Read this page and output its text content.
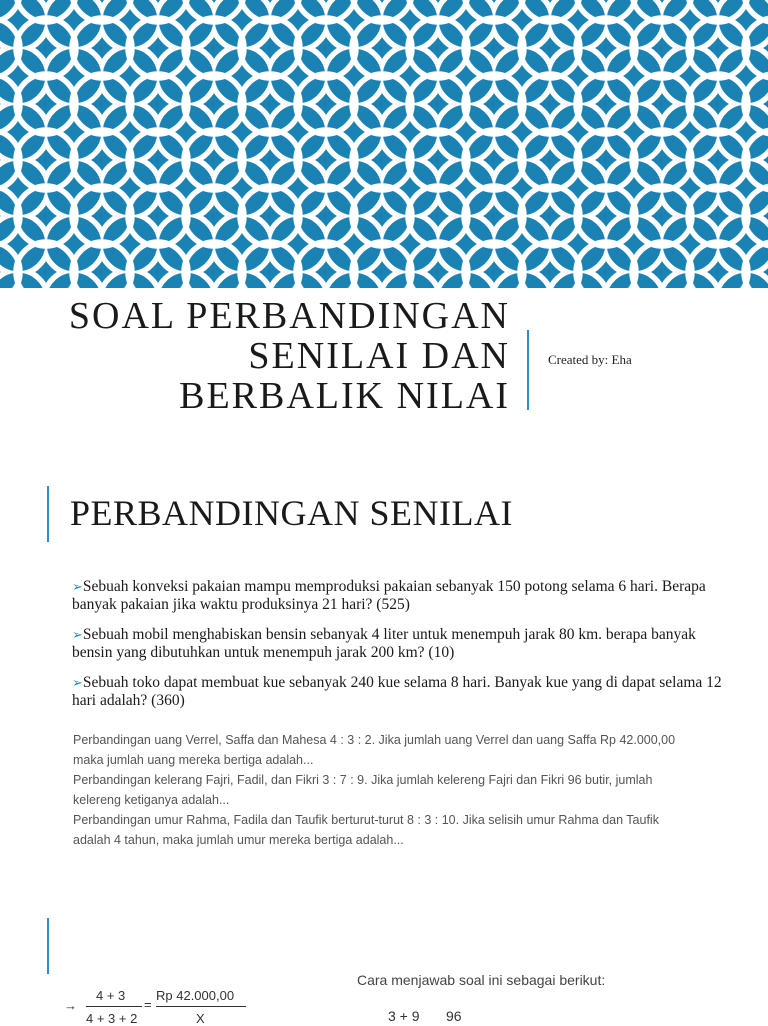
SOAL PERBANDINGAN
SENILAI DAN
BERBALIK NILAI
Created by: Eha
PERBANDINGAN SENILAI
➢Sebuah konveksi pakaian mampu memproduksi pakaian sebanyak 150 potong selama 6 hari. Berapa banyak pakaian jika waktu produksinya 21 hari? (525)
➢Sebuah mobil menghabiskan bensin sebanyak 4 liter untuk menempuh jarak 80 km. berapa banyak bensin yang dibutuhkan untuk menempuh jarak 200 km? (10)
➢Sebuah toko dapat membuat kue sebanyak 240 kue selama 8 hari. Banyak kue yang di dapat selama 12 hari adalah? (360)

Perbandingan uang Verrel, Saffa dan Mahesa 4 : 3 : 2. Jika jumlah uang Verrel dan uang Saffa Rp 42.000,00 maka jumlah uang mereka bertiga adalah...

Perbandingan kelerang Fajri, Fadil, dan Fikri 3 : 7 : 9. Jika jumlah kelereng Fajri dan Fikri 96 butir, jumlah kelereng ketiganya adalah...

Perbandingan umur Rahma, Fadila dan Taufik berturut-turut 8 : 3 : 10. Jika selisih umur Rahma dan Taufik adalah 4 tahun, maka jumlah umur mereka bertiga adalah...

Cara menjawab soal ini sebagai berikut:
→
4 + 3
4 + 3 + 2
=
Rp 42.000,00
X	3 + 9 96
